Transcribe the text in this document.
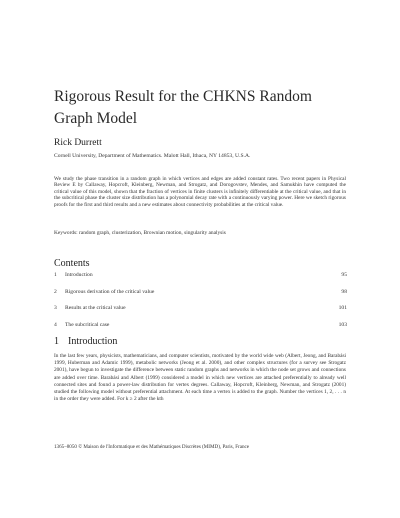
Rigorous Result for the CHKNS Random Graph Model
Rick Durrett
Cornell University, Department of Mathematics. Malott Hall, Ithaca, NY 14853, U.S.A.
We study the phase transition in a random graph in which vertices and edges are added constant rates. Two recent papers in Physical Review E by Callaway, Hopcroft, Kleinberg, Newman, and Strogatz, and Dorogovstev, Mendes, and Samukhin have computed the critical value of this model, shown that the fraction of vertices in finite clusters is infinitely differentiable at the critical value, and that in the subcritical phase the cluster size distribution has a polynomial decay rate with a continuously varying power. Here we sketch rigorous proofs for the first and third results and a new estimates about connectivity probabilities at the critical value.
Keywords: random graph, clusterization, Brownian motion, singularity analysis
Contents
1 Introduction	95
2 Rigorous derivation of the critical value	98
3 Results at the critical value	101
4 The subcritical case	103
1 Introduction
In the last few years, physicists, mathematicians, and computer scientists, motivated by the world wide web (Albert, Jeong, and Barabási 1999, Huberman and Adamic 1999), metabolic networks (Jeong et al. 2000), and other complex structures (for a survey see Strogatz 2001), have begun to investigate the difference between static random graphs and networks in which the node set grows and connections are added over time. Barabási and Albert (1999) considered a model in which new vertices are attached preferentially to already well connected sites and found a power-law distribution for vertex degrees. Callaway, Hopcroft, Kleinberg, Newman, and Strogatz (2001) studied the following model without preferential attachment. At each time a vertex is added to the graph. Number the vertices 1, 2, . . . n in the order they were added. For k ≥ 2 after the kth
1365–8050 © Maison de l'Informatique et des Mathématiques Discrètes (MIMD), Paris, France
